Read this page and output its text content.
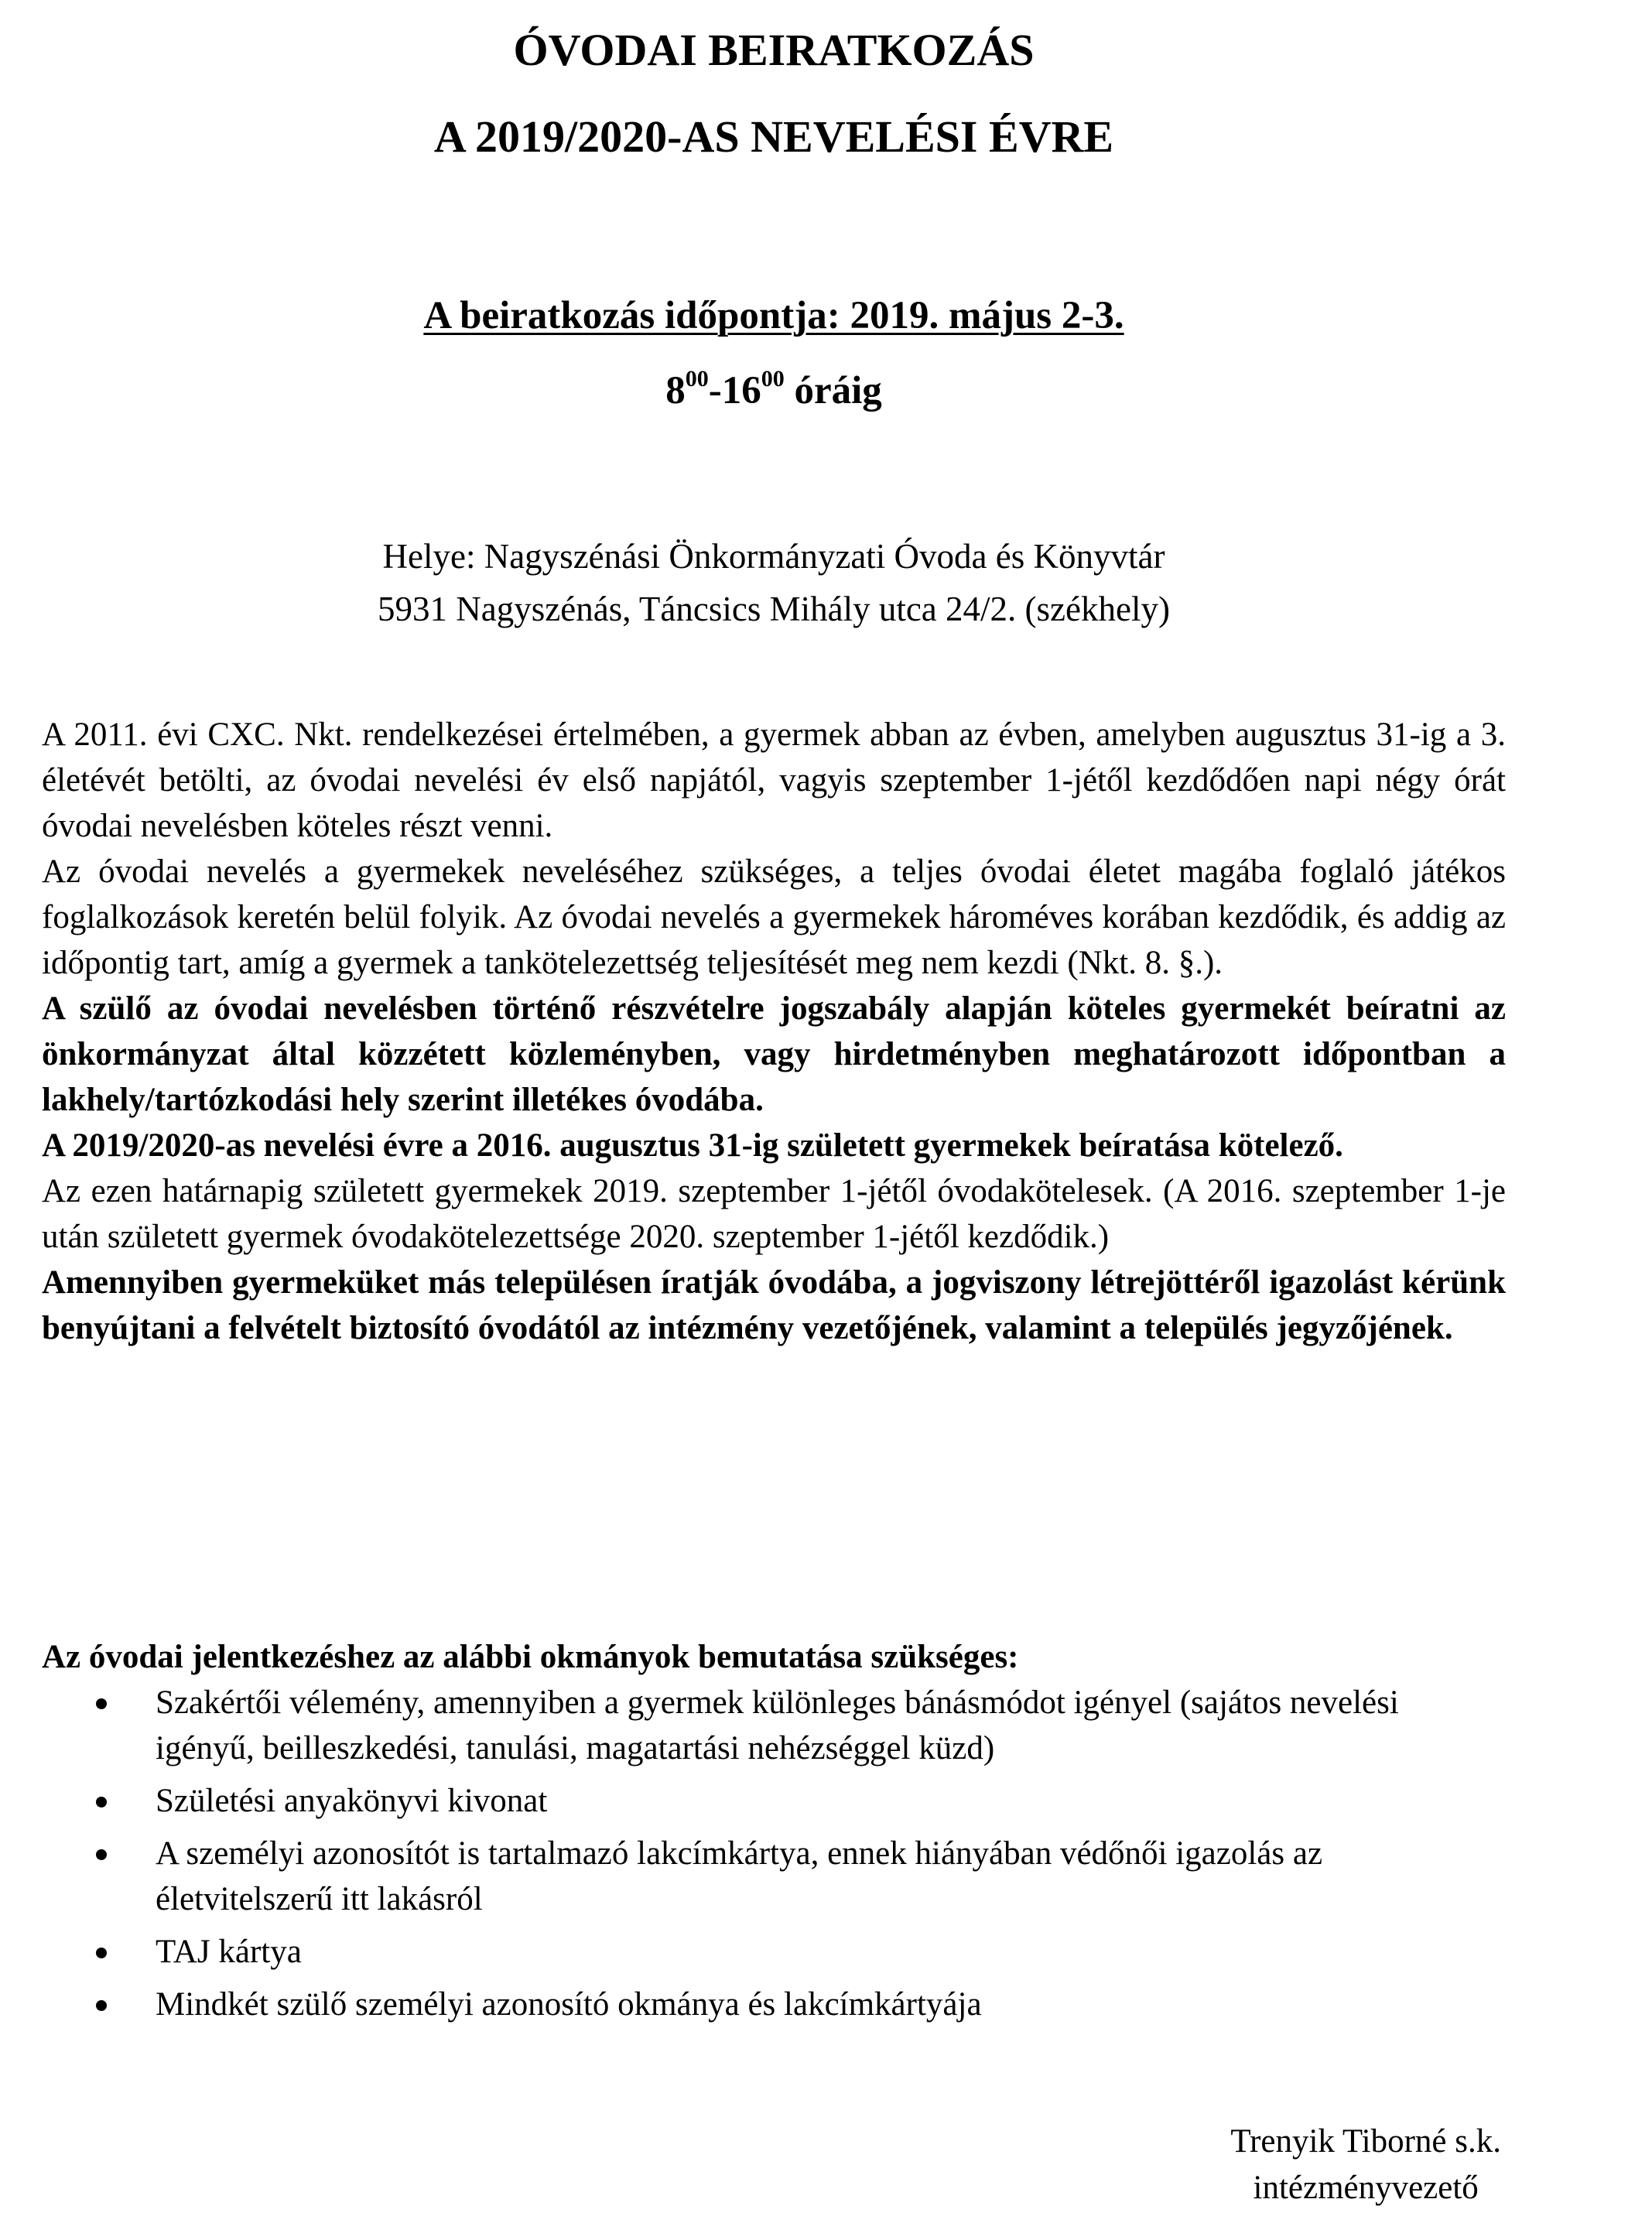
ÓVODAI BEIRATKOZÁS
A 2019/2020-AS NEVELÉSI ÉVRE
A beiratkozás időpontja: 2019. május 2-3.
$8^{00}-16^{00}$ óráig
Helye: Nagyszénási Önkormányzati Óvoda és Könyvtár
5931 Nagyszénás, Táncsics Mihály utca 24/2. (székhely)

A 2011. évi CXC. Nkt. rendelkezései értelmében, a gyermek abban az évben, amelyben augusztus 31-ig a 3. életévét betölti, az óvodai nevelési év első napjától, vagyis szeptember 1-jétől kezdődően napi négy órát óvodai nevelésben köteles részt venni.

Az óvodai nevelés a gyermekek neveléséhez szükséges, a teljes óvodai életet magába foglaló játékos foglalkozások keretén belül folyik. Az óvodai nevelés a gyermekek hároméves korában kezdődik, és addig az időpontig tart, amíg a gyermek a tankötelezettség teljesítését meg nem kezdi (Nkt. 8. §.).

A szülő az óvodai nevelésben történő részvételre jogszabály alapján köteles gyermekét beíratni az önkormányzat által közzétett közleményben, vagy hirdetményben meghatározott időpontban a lakhely/tartózkodási hely szerint illetékes óvodába.

A 2019/2020-as nevelési évre a 2016. augusztus 31-ig született gyermekek beíratása kötelező.

Az ezen határnapig született gyermekek 2019. szeptember 1-jétől óvodakötelesek. (A 2016. szeptember 1-je után született gyermek óvodakötelezettsége 2020. szeptember 1-jétől kezdődik.)

Amennyiben gyermeküket más településen íratják óvodába, a jogviszony létrejöttéről igazolást kérünk benyújtani a felvételt biztosító óvodától az intézmény vezetőjének, valamint a település jegyzőjének.

Az óvodai jelentkezéshez az alábbi okmányok bemutatása szükséges:
Szakértői vélemény, amennyiben a gyermek különleges bánásmódot igényel (sajátos nevelési igényű, beilleszkedési, tanulási, magatartási nehézséggel küzd)
Születési anyakönyvi kivonat
A személyi azonosítót is tartalmazó lakcímkártya, ennek hiányában védőnői igazolás az életvitelszerű itt lakásról
TAJ kártya
Mindkét szülő személyi azonosító okmánya és lakcímkártyája
Trenyik Tiborné s.k.
intézményvezető
